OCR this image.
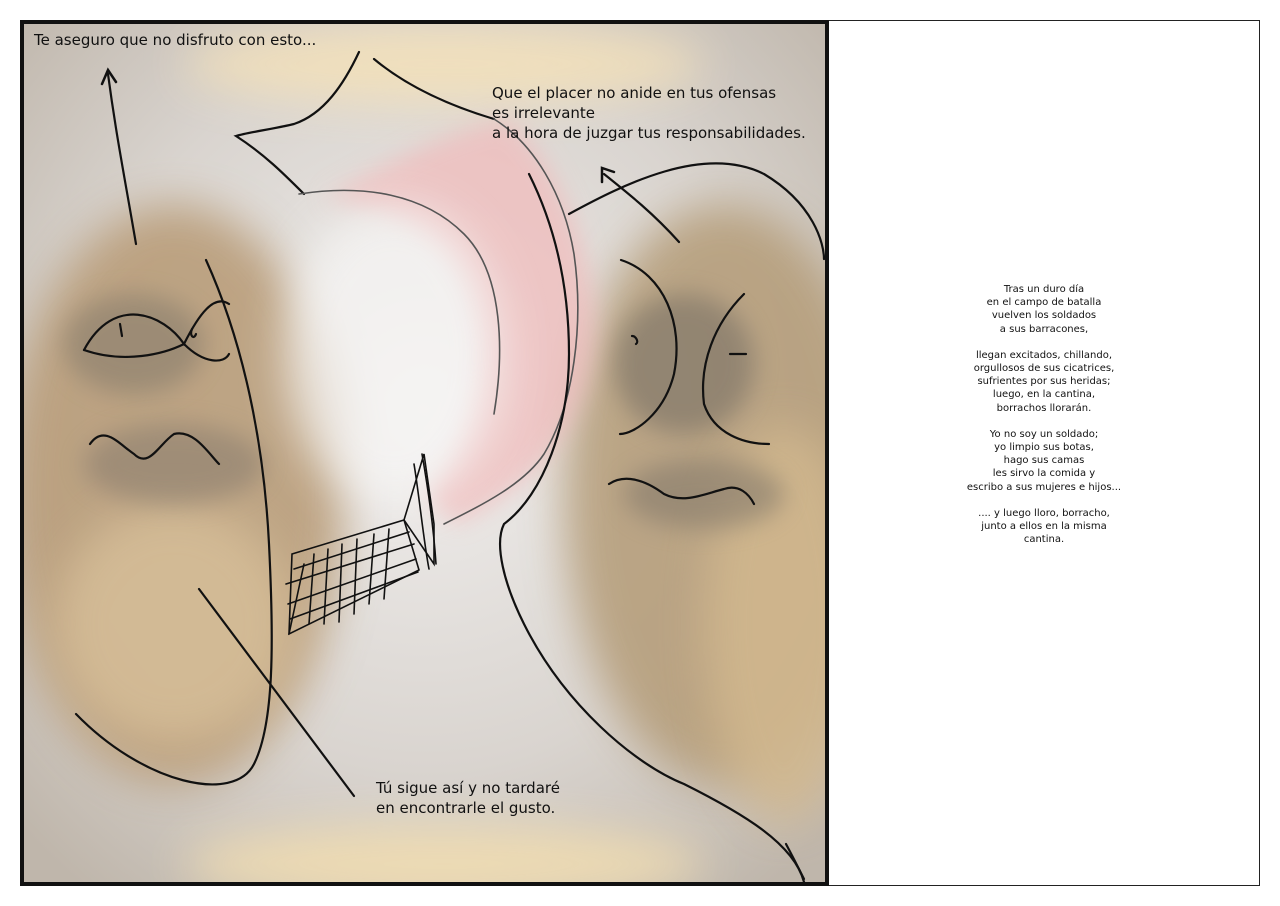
Te aseguro que no disfruto con esto...
Que el placer no anide en tus ofensas
es irrelevante
a la hora de juzgar tus responsabilidades.
Tú sigue así y no tardaré
en encontrarle el gusto.

Tras un duro día
en el campo de batalla
vuelven los soldados
a sus barracones,

llegan excitados, chillando,
orgullosos de sus cicatrices,
sufrientes por sus heridas;
luego, en la cantina,
borrachos llorarán.

Yo no soy un soldado;
yo limpio sus botas,
hago sus camas
les sirvo la comida y
escribo a sus mujeres e hijos...

.... y luego lloro, borracho,
junto a ellos en la misma
cantina.
